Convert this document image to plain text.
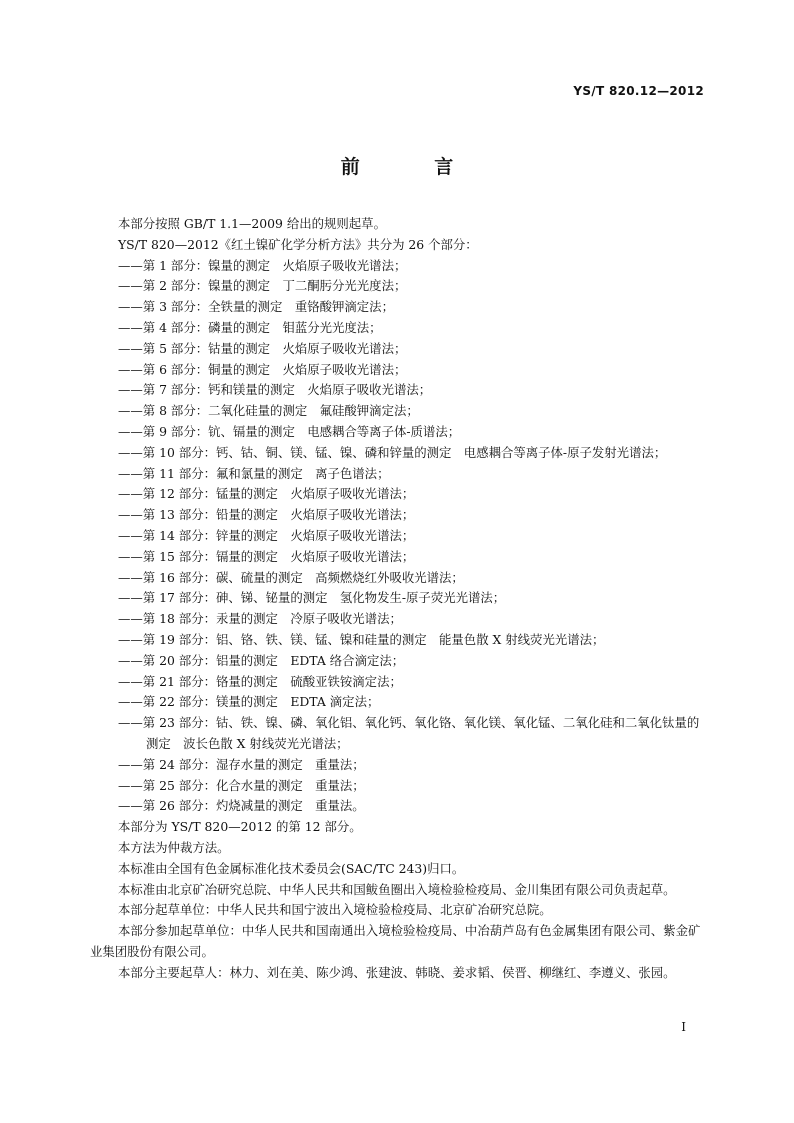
YS/T 820.12—2012
前 言

本部分按照 GB/T 1.1—2009 给出的规则起草。

YS/T 820—2012《红土镍矿化学分析方法》共分为 26 个部分：

——第 1 部分：镍量的测定　火焰原子吸收光谱法；

——第 2 部分：镍量的测定　丁二酮肟分光光度法；

——第 3 部分：全铁量的测定　重铬酸钾滴定法；

——第 4 部分：磷量的测定　钼蓝分光光度法；

——第 5 部分：钴量的测定　火焰原子吸收光谱法；

——第 6 部分：铜量的测定　火焰原子吸收光谱法；

——第 7 部分：钙和镁量的测定　火焰原子吸收光谱法；

——第 8 部分：二氧化硅量的测定　氟硅酸钾滴定法；

——第 9 部分：钪、镉量的测定　电感耦合等离子体-质谱法；

——第 10 部分：钙、钴、铜、镁、锰、镍、磷和锌量的测定　电感耦合等离子体-原子发射光谱法；

——第 11 部分：氟和氯量的测定　离子色谱法；

——第 12 部分：锰量的测定　火焰原子吸收光谱法；

——第 13 部分：铅量的测定　火焰原子吸收光谱法；

——第 14 部分：锌量的测定　火焰原子吸收光谱法；

——第 15 部分：镉量的测定　火焰原子吸收光谱法；

——第 16 部分：碳、硫量的测定　高频燃烧红外吸收光谱法；

——第 17 部分：砷、锑、铋量的测定　氢化物发生-原子荧光光谱法；

——第 18 部分：汞量的测定　冷原子吸收光谱法；

——第 19 部分：铝、铬、铁、镁、锰、镍和硅量的测定　能量色散 X 射线荧光光谱法；

——第 20 部分：铝量的测定　EDTA 络合滴定法；

——第 21 部分：铬量的测定　硫酸亚铁铵滴定法；

——第 22 部分：镁量的测定　EDTA 滴定法；

——第 23 部分：钴、铁、镍、磷、氧化铝、氧化钙、氧化铬、氧化镁、氧化锰、二氧化硅和二氧化钛量的测定　波长色散 X 射线荧光光谱法；

——第 24 部分：湿存水量的测定　重量法；

——第 25 部分：化合水量的测定　重量法；

——第 26 部分：灼烧减量的测定　重量法。

本部分为 YS/T 820—2012 的第 12 部分。

本方法为仲裁方法。

本标准由全国有色金属标准化技术委员会(SAC/TC 243)归口。

本标准由北京矿冶研究总院、中华人民共和国鲅鱼圈出入境检验检疫局、金川集团有限公司负责起草。

本部分起草单位：中华人民共和国宁波出入境检验检疫局、北京矿冶研究总院。

本部分参加起草单位：中华人民共和国南通出入境检验检疫局、中冶葫芦岛有色金属集团有限公司、紫金矿业集团股份有限公司。

本部分主要起草人：林力、刘在美、陈少鸿、张建波、韩晓、姜求韬、侯晋、柳继红、李遵义、张园。

I
